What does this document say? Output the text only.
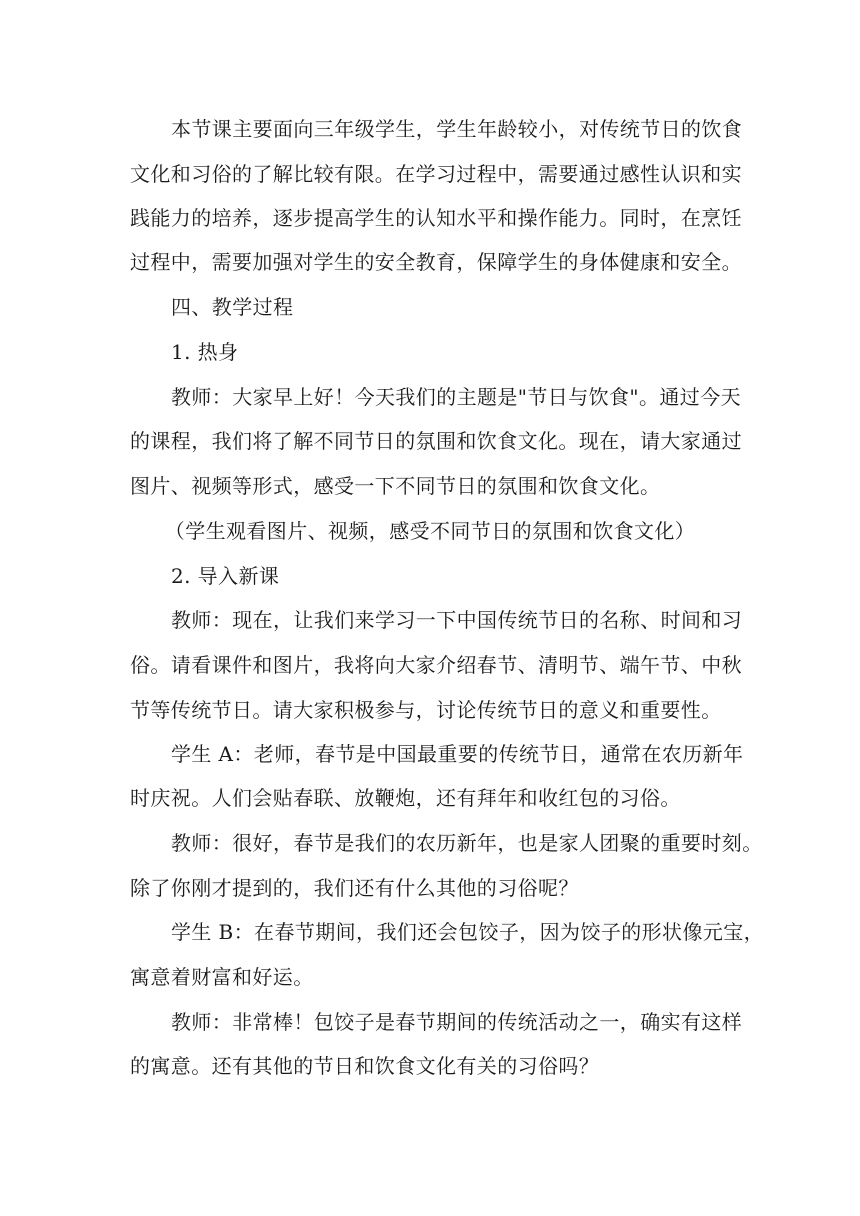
本节课主要面向三年级学生，学生年龄较小，对传统节日的饮食
文化和习俗的了解比较有限。在学习过程中，需要通过感性认识和实
践能力的培养，逐步提高学生的认知水平和操作能力。同时，在烹饪
过程中，需要加强对学生的安全教育，保障学生的身体健康和安全。
四、教学过程
1. 热身
教师：大家早上好！今天我们的主题是"节日与饮食"。通过今天
的课程，我们将了解不同节日的氛围和饮食文化。现在，请大家通过
图片、视频等形式，感受一下不同节日的氛围和饮食文化。
（学生观看图片、视频，感受不同节日的氛围和饮食文化）
2. 导入新课
教师：现在，让我们来学习一下中国传统节日的名称、时间和习
俗。请看课件和图片，我将向大家介绍春节、清明节、端午节、中秋
节等传统节日。请大家积极参与，讨论传统节日的意义和重要性。
学生 A：老师，春节是中国最重要的传统节日，通常在农历新年
时庆祝。人们会贴春联、放鞭炮，还有拜年和收红包的习俗。
教师：很好，春节是我们的农历新年，也是家人团聚的重要时刻。
除了你刚才提到的，我们还有什么其他的习俗呢？
学生 B：在春节期间，我们还会包饺子，因为饺子的形状像元宝，
寓意着财富和好运。
教师：非常棒！包饺子是春节期间的传统活动之一，确实有这样
的寓意。还有其他的节日和饮食文化有关的习俗吗？
